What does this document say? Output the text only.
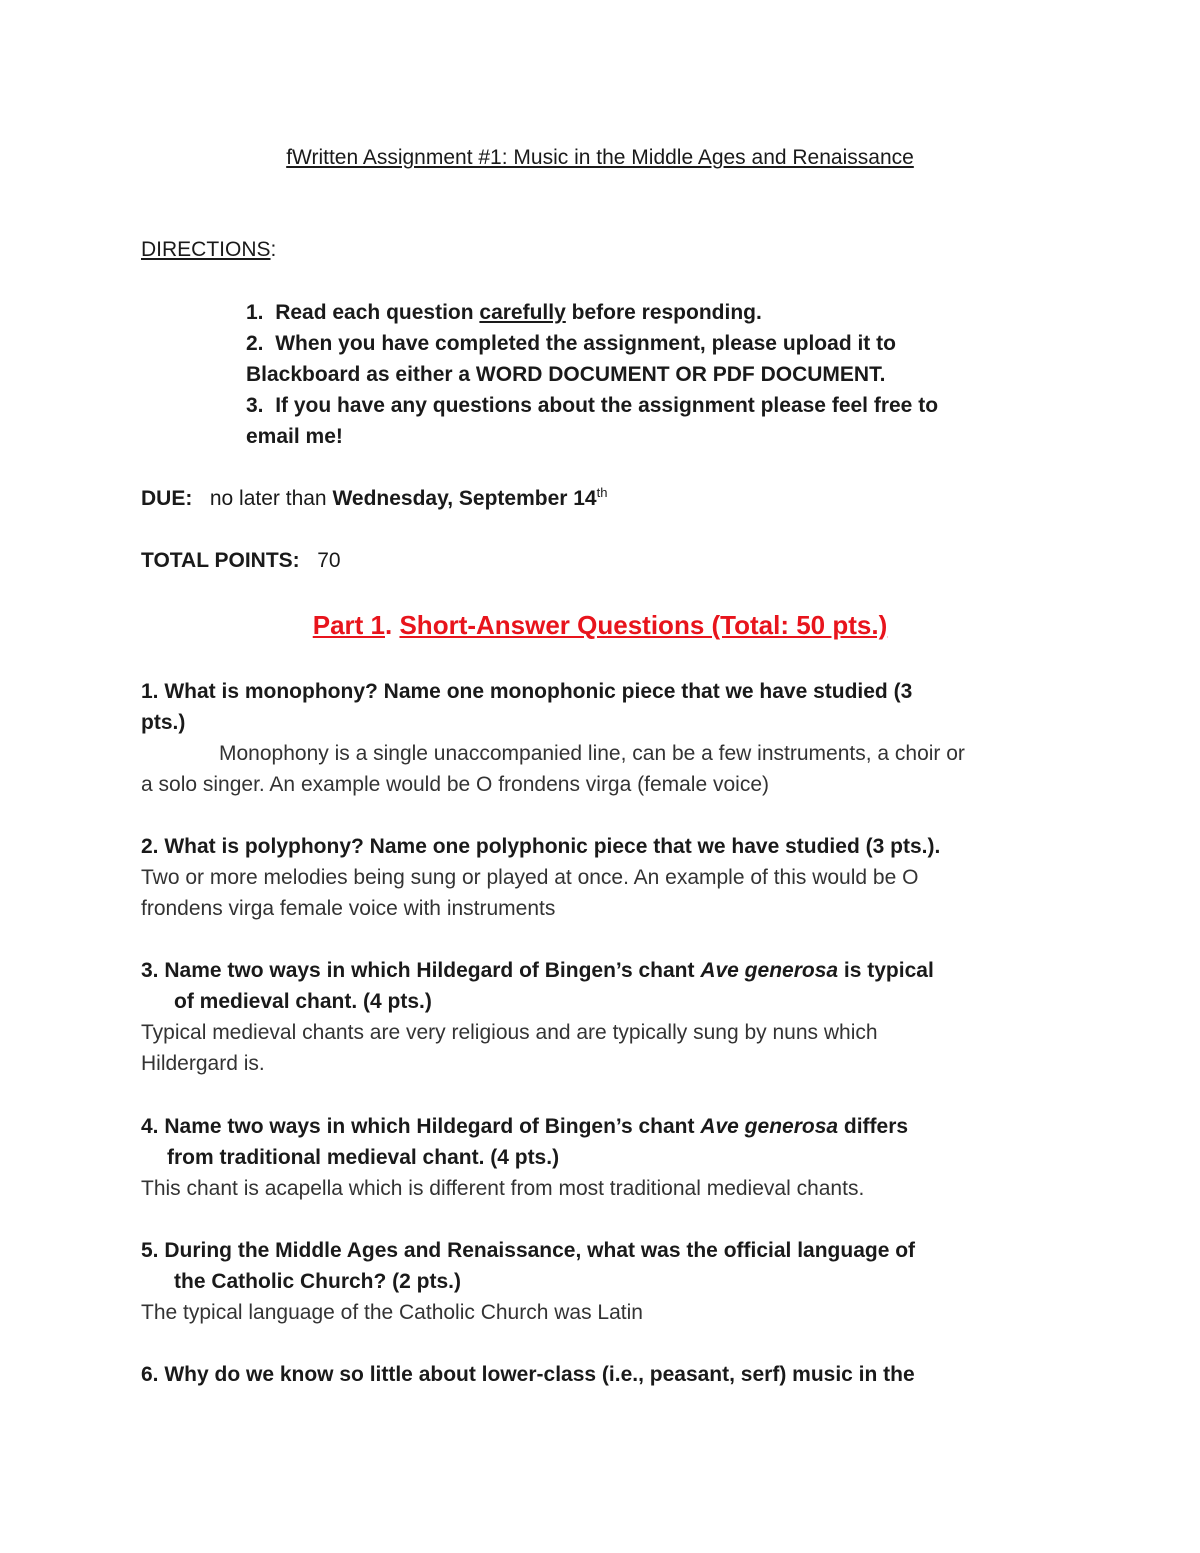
fWritten Assignment #1: Music in the Middle Ages and Renaissance
DIRECTIONS:
1. Read each question carefully before responding.
2. When you have completed the assignment, please upload it to
Blackboard as either a WORD DOCUMENT OR PDF DOCUMENT.
3. If you have any questions about the assignment please feel free to
email me!
DUE: no later than Wednesday, September 14th
TOTAL POINTS: 70
Part 1. Short-Answer Questions (Total: 50 pts.)
1. What is monophony? Name one monophonic piece that we have studied (3
pts.)
Monophony is a single unaccompanied line, can be a few instruments, a choir or
a solo singer. An example would be O frondens virga (female voice)
2. What is polyphony? Name one polyphonic piece that we have studied (3 pts.).
Two or more melodies being sung or played at once. An example of this would be O
frondens virga female voice with instruments
3. Name two ways in which Hildegard of Bingen’s chant Ave generosa is typical
of medieval chant. (4 pts.)
Typical medieval chants are very religious and are typically sung by nuns which
Hildergard is.
4. Name two ways in which Hildegard of Bingen’s chant Ave generosa differs
from traditional medieval chant. (4 pts.)
This chant is acapella which is different from most traditional medieval chants.
5. During the Middle Ages and Renaissance, what was the official language of
the Catholic Church? (2 pts.)
The typical language of the Catholic Church was Latin
6. Why do we know so little about lower-class (i.e., peasant, serf) music in the
